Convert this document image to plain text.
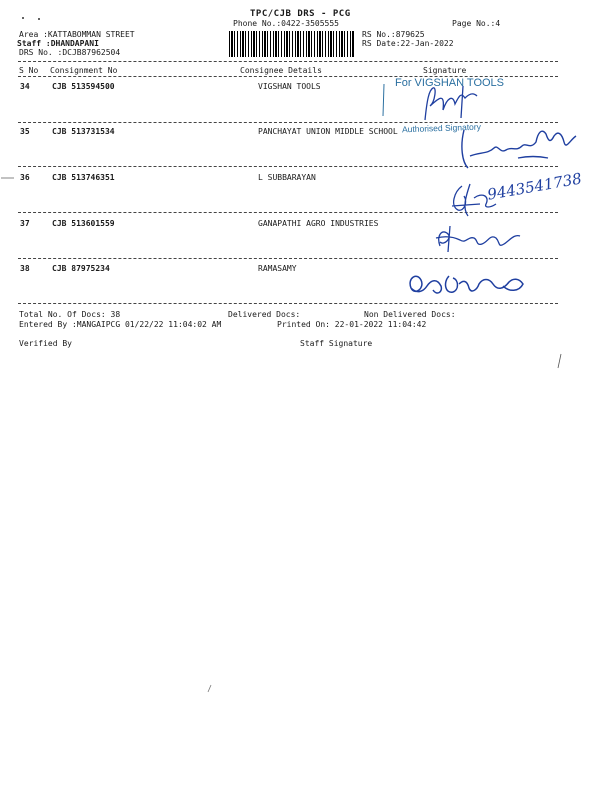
TPC/CJB DRS - PCG
Phone No.:0422-3505555	Page No.:4
Area :KATTABOMMAN STREET
Staff :DHANDAPANI
DRS No. :DCJB87962504
RS No.:879625
RS Date:22-Jan-2022
S No Consignment No	Consignee Details	Signature
34	CJB 513594500	VIGSHAN TOOLS
35	CJB 513731534	PANCHAYAT UNION MIDDLE SCHOOL
36	CJB 513746351	L SUBBARAYAN
37	CJB 513601559	GANAPATHI AGRO INDUSTRIES
38	CJB 87975234	RAMASAMY
For VIGSHAN TOOLS
Authorised Signatory
9443541738
Total No. Of Docs: 38	Delivered Docs:	Non Delivered Docs:
Entered By :MANGAIPCG 01/22/22 11:04:02 AM	Printed On: 22-01-2022 11:04:42
Verified By	Staff Signature
